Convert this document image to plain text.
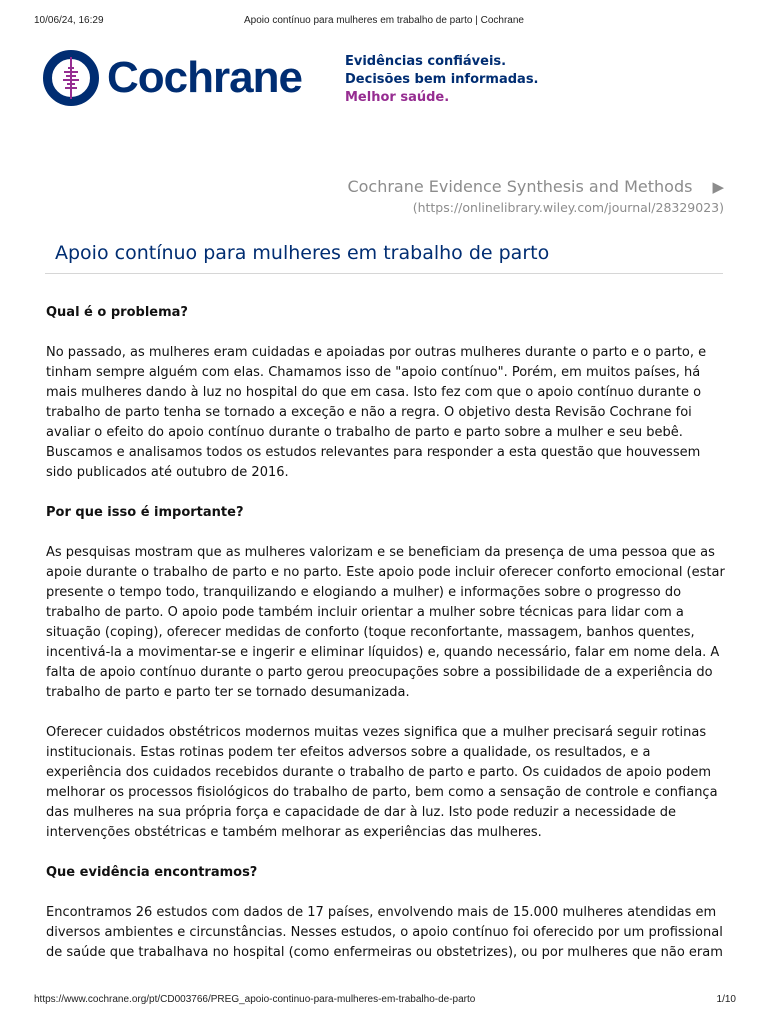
10/06/24, 16:29	Apoio contínuo para mulheres em trabalho de parto | Cochrane
Cochrane	Evidências confiáveis.
Decisões bem informadas.
Melhor saúde.
Cochrane Evidence Synthesis and Methods ▶
(https://onlinelibrary.wiley.com/journal/28329023)
Apoio contínuo para mulheres em trabalho de parto
Qual é o problema?

No passado, as mulheres eram cuidadas e apoiadas por outras mulheres durante o parto e o parto, e tinham sempre alguém com elas. Chamamos isso de "apoio contínuo". Porém, em muitos países, há mais mulheres dando à luz no hospital do que em casa. Isto fez com que o apoio contínuo durante o trabalho de parto tenha se tornado a exceção e não a regra. O objetivo desta Revisão Cochrane foi avaliar o efeito do apoio contínuo durante o trabalho de parto e parto sobre a mulher e seu bebê. Buscamos e analisamos todos os estudos relevantes para responder a esta questão que houvessem sido publicados até outubro de 2016.

Por que isso é importante?

As pesquisas mostram que as mulheres valorizam e se beneficiam da presença de uma pessoa que as apoie durante o trabalho de parto e no parto. Este apoio pode incluir oferecer conforto emocional (estar presente o tempo todo, tranquilizando e elogiando a mulher) e informações sobre o progresso do trabalho de parto. O apoio pode também incluir orientar a mulher sobre técnicas para lidar com a situação (coping), oferecer medidas de conforto (toque reconfortante, massagem, banhos quentes, incentivá-la a movimentar-se e ingerir e eliminar líquidos) e, quando necessário, falar em nome dela. A falta de apoio contínuo durante o parto gerou preocupações sobre a possibilidade de a experiência do trabalho de parto e parto ter se tornado desumanizada.

Oferecer cuidados obstétricos modernos muitas vezes significa que a mulher precisará seguir rotinas institucionais. Estas rotinas podem ter efeitos adversos sobre a qualidade, os resultados, e a experiência dos cuidados recebidos durante o trabalho de parto e parto. Os cuidados de apoio podem melhorar os processos fisiológicos do trabalho de parto, bem como a sensação de controle e confiança das mulheres na sua própria força e capacidade de dar à luz. Isto pode reduzir a necessidade de intervenções obstétricas e também melhorar as experiências das mulheres.

Que evidência encontramos?

Encontramos 26 estudos com dados de 17 países, envolvendo mais de 15.000 mulheres atendidas em diversos ambientes e circunstâncias. Nesses estudos, o apoio contínuo foi oferecido por um profissional de saúde que trabalhava no hospital (como enfermeiras ou obstetrizes), ou por mulheres que não eram

https://www.cochrane.org/pt/CD003766/PREG_apoio-continuo-para-mulheres-em-trabalho-de-parto	1/10
